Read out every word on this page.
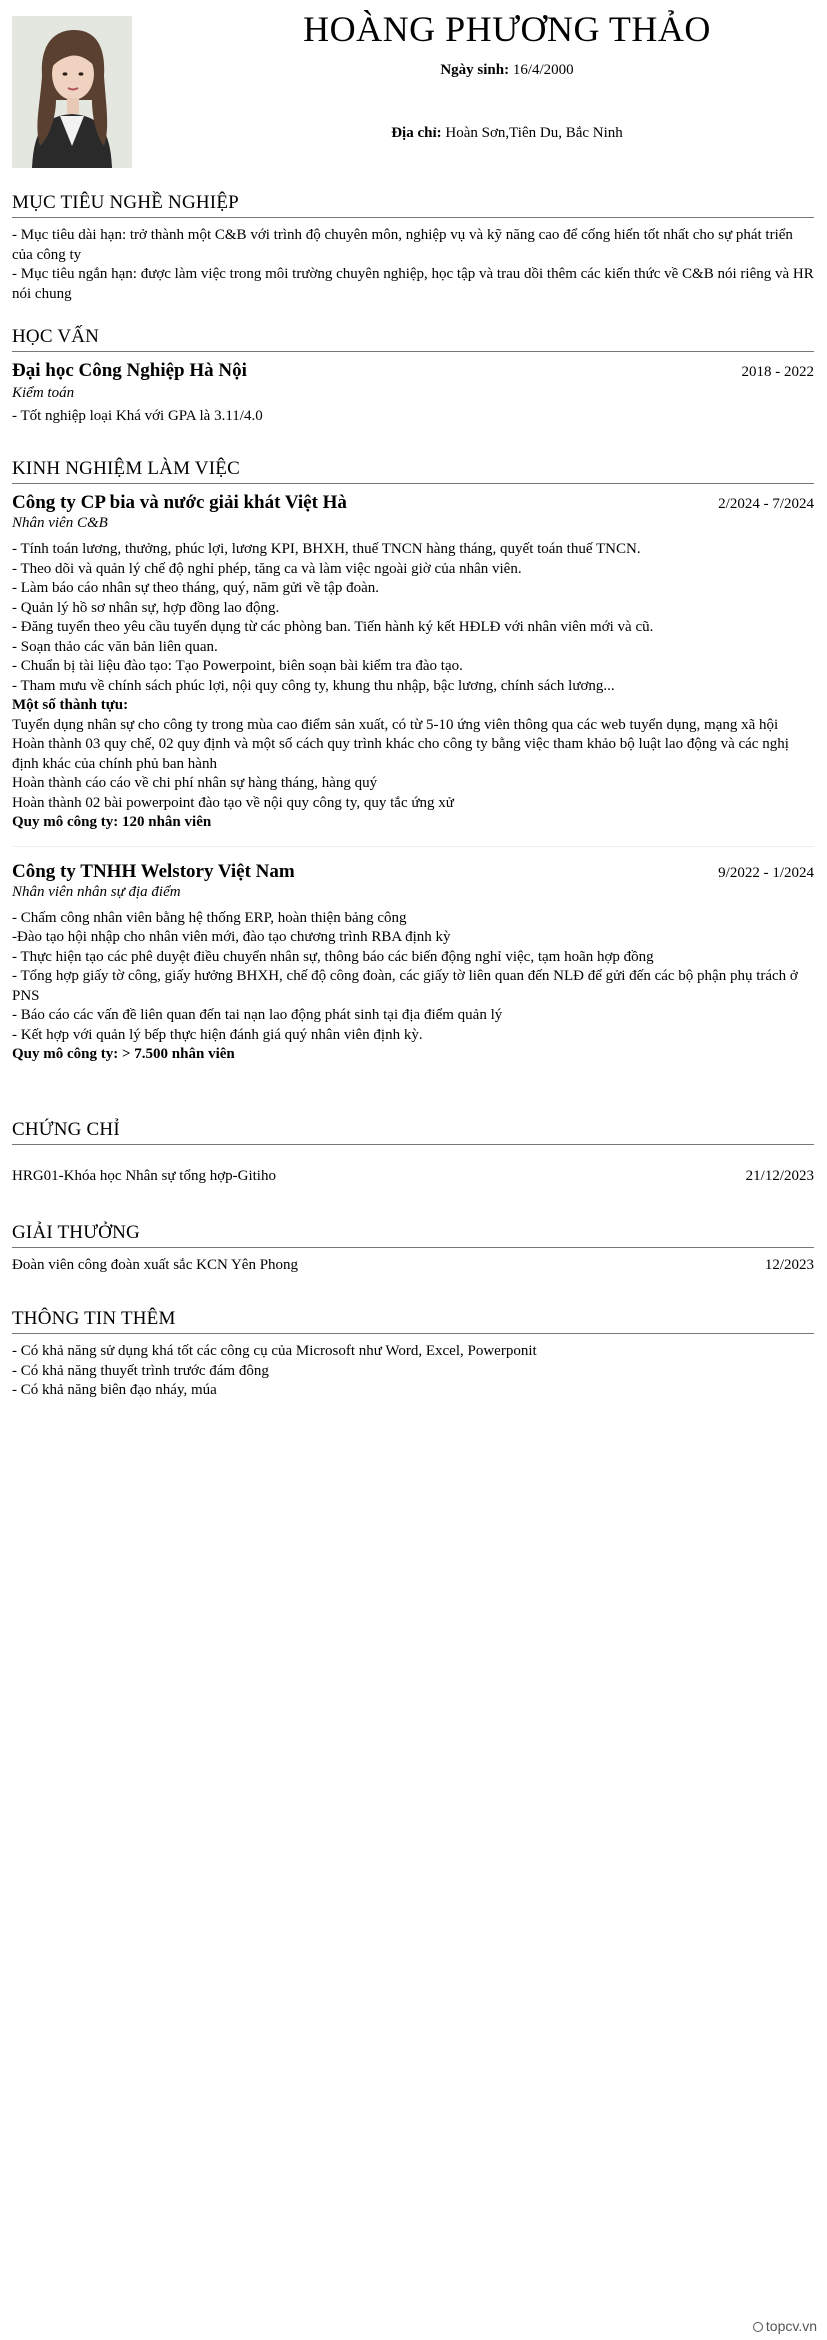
HOÀNG PHƯƠNG THẢO
Ngày sinh: 16/4/2000
Địa chỉ: Hoàn Sơn,Tiên Du, Bắc Ninh
MỤC TIÊU NGHỀ NGHIỆP
- Mục tiêu dài hạn: trở thành một C&B với trình độ chuyên môn, nghiệp vụ và kỹ năng cao để cống hiến tốt nhất cho sự phát triển của công ty
- Mục tiêu ngắn hạn: được làm việc trong môi trường chuyên nghiệp, học tập và trau dồi thêm các kiến thức về C&B nói riêng và HR nói chung
HỌC VẤN
2018 - 2022
Đại học Công Nghiệp Hà Nội
Kiểm toán
- Tốt nghiệp loại Khá với GPA là 3.11/4.0
KINH NGHIỆM LÀM VIỆC
2/2024 - 7/2024
Công ty CP bia và nước giải khát Việt Hà
Nhân viên C&B
- Tính toán lương, thưởng, phúc lợi, lương KPI, BHXH, thuế TNCN hàng tháng, quyết toán thuế TNCN.
- Theo dõi và quản lý chế độ nghỉ phép, tăng ca và làm việc ngoài giờ của nhân viên.
- Làm báo cáo nhân sự theo tháng, quý, năm gửi về tập đoàn.
- Quản lý hồ sơ nhân sự, hợp đồng lao động.
- Đăng tuyển theo yêu cầu tuyển dụng từ các phòng ban. Tiến hành ký kết HĐLĐ với nhân viên mới và cũ.
- Soạn thảo các văn bản liên quan.
- Chuẩn bị tài liệu đào tạo: Tạo Powerpoint, biên soạn bài kiểm tra đào tạo.
- Tham mưu về chính sách phúc lợi, nội quy công ty, khung thu nhập, bậc lương, chính sách lương...
Một số thành tựu:
Tuyển dụng nhân sự cho công ty trong mùa cao điểm sản xuất, có từ 5-10 ứng viên thông qua các web tuyển dụng, mạng xã hội
Hoàn thành 03 quy chế, 02 quy định và một số cách quy trình khác cho công ty bằng việc tham khảo bộ luật lao động và các nghị định khác của chính phủ ban hành
Hoàn thành cáo cáo về chi phí nhân sự hàng tháng, hàng quý
Hoàn thành 02 bài powerpoint đào tạo về nội quy công ty, quy tắc ứng xử
Quy mô công ty: 120 nhân viên
9/2022 - 1/2024
Công ty TNHH Welstory Việt Nam
Nhân viên nhân sự địa điểm
- Chấm công nhân viên bằng hệ thống ERP, hoàn thiện bảng công
-Đào tạo hội nhập cho nhân viên mới, đào tạo chương trình RBA định kỳ
- Thực hiện tạo các phê duyệt điều chuyển nhân sự, thông báo các biến động nghỉ việc, tạm hoãn hợp đồng
- Tổng hợp giấy tờ công, giấy hưởng BHXH, chế độ công đoàn, các giấy tờ liên quan đến NLĐ để gửi đến các bộ phận phụ trách ở PNS
- Báo cáo các vấn đề liên quan đến tai nạn lao động phát sinh tại địa điểm quản lý
- Kết hợp với quản lý bếp thực hiện đánh giá quý nhân viên định kỳ.
Quy mô công ty: > 7.500 nhân viên
CHỨNG CHỈ
21/12/2023
HRG01-Khóa học Nhân sự tổng hợp-Gitiho
GIẢI THƯỞNG
12/2023
Đoàn viên công đoàn xuất sắc KCN Yên Phong
THÔNG TIN THÊM
- Có khả năng sử dụng khá tốt các công cụ của Microsoft như Word, Excel, Powerponit
- Có khả năng thuyết trình trước đám đông
- Có khả năng biên đạo nháy, múa
topcv.vn
